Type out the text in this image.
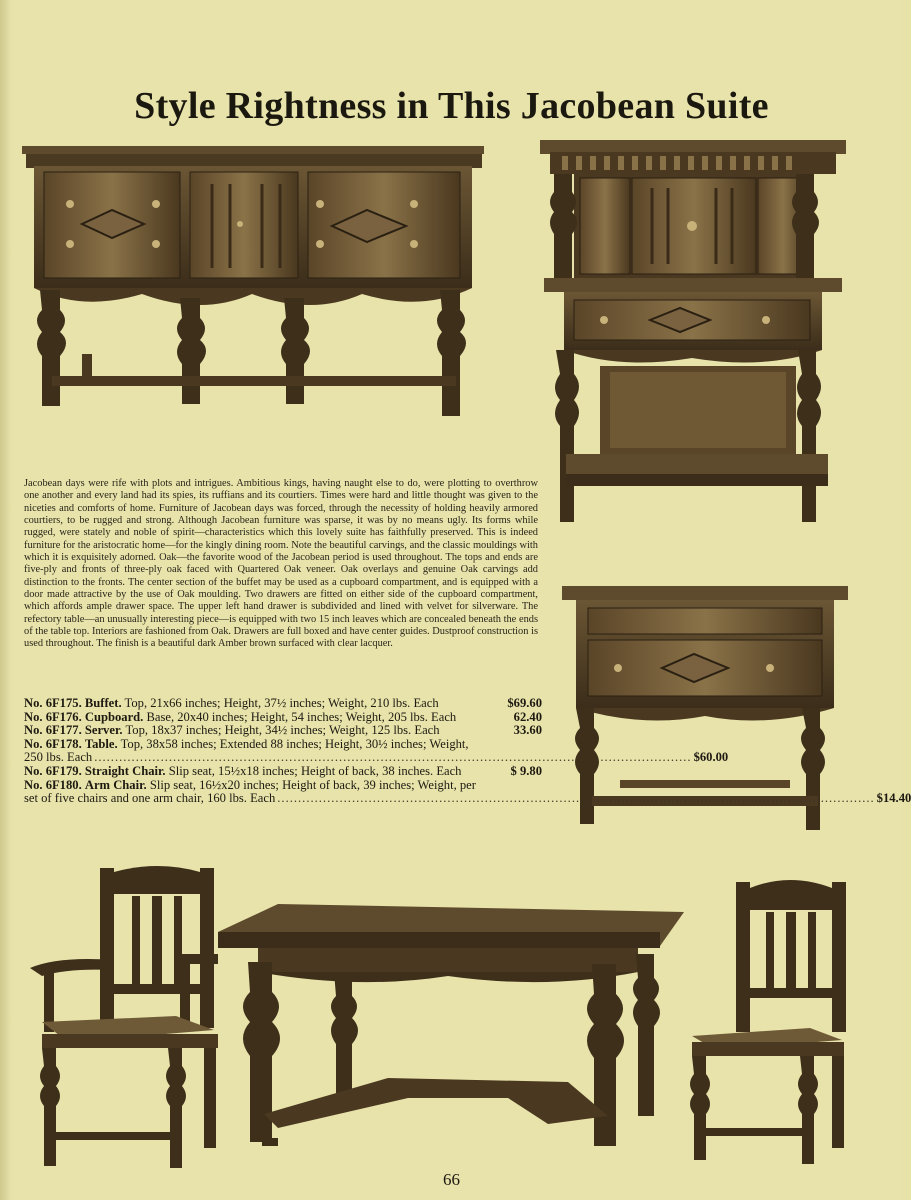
Style Rightness in This Jacobean Suite
Jacobean days were rife with plots and intrigues. Ambitious kings, having naught else to do, were plotting to overthrow one another and every land had its spies, its ruffians and its courtiers. Times were hard and little thought was given to the niceties and comforts of home. Furniture of Jacobean days was forced, through the necessity of holding heavily armored courtiers, to be rugged and strong. Although Jacobean furniture was sparse, it was by no means ugly. Its forms while rugged, were stately and noble of spirit—characteristics which this lovely suite has faithfully preserved. This is indeed furniture for the aristocratic home—for the kingly dining room. Note the beautiful carvings, and the classic mouldings with which it is exquisitely adorned. Oak—the favorite wood of the Jacobean period is used throughout. The tops and ends are five-ply and fronts of three-ply oak faced with Quartered Oak veneer. Oak overlays and genuine Oak carvings add distinction to the fronts. The center section of the buffet may be used as a cupboard compartment, and is equipped with a door made attractive by the use of Oak moulding. Two drawers are fitted on either side of the cupboard compartment, which affords ample drawer space. The upper left hand drawer is subdivided and lined with velvet for silverware. The refectory table—an unusually interesting piece—is equipped with two 15 inch leaves which are concealed beneath the ends of the table top. Interiors are fashioned from Oak. Drawers are full boxed and have center guides. Dustproof construction is used throughout. The finish is a beautiful dark Amber brown surfaced with clear lacquer.
No. 6F175. Buffet. Top, 21x66 inches; Height, 37½ inches; Weight, 210 lbs. Each	$69.60
No. 6F176. Cupboard. Base, 20x40 inches; Height, 54 inches; Weight, 205 lbs. Each	62.40
No. 6F177. Server. Top, 18x37 inches; Height, 34½ inches; Weight, 125 lbs. Each	33.60
No. 6F178. Table. Top, 38x58 inches; Extended 88 inches; Height, 30½ inches; Weight,
250 lbs. Each ................................................................................................................................................ $60.00
No. 6F179. Straight Chair. Slip seat, 15½x18 inches; Height of back, 38 inches. Each	$ 9.80
No. 6F180. Arm Chair. Slip seat, 16½x20 inches; Height of back, 39 inches; Weight, per
set of five chairs and one arm chair, 160 lbs. Each ................................................................................................................................................ $14.40
66
